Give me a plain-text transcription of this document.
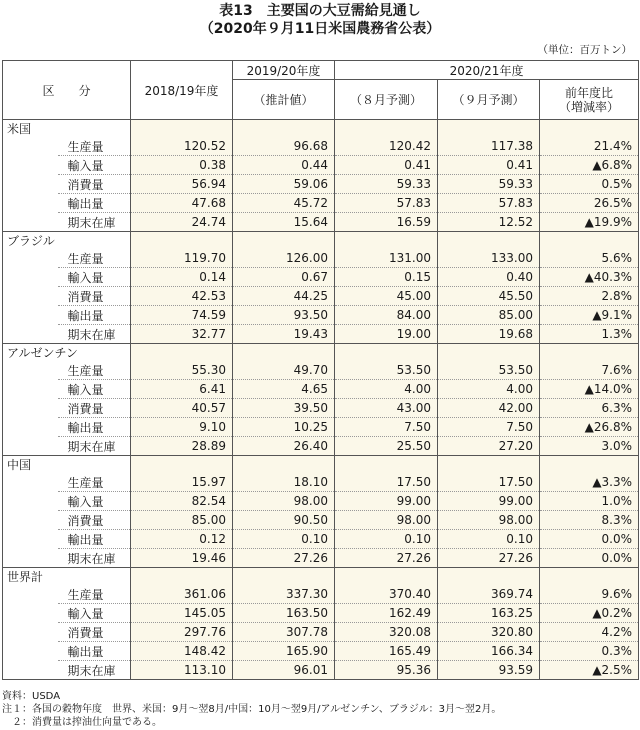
表13　主要国の大豆需給見通し
（2020年９月11日米国農務省公表）
（単位：百万トン）
区　　分		2018/19年度	2019/20年度	2020/21年度		
			（推計値）	（８月予測）	（９月予測）	前年度比
（増減率）
米国						
	生産量	120.52	96.68	120.42	117.38	21.4%
	輸入量	0.38	0.44	0.41	0.41	▲6.8%
	消費量	56.94	59.06	59.33	59.33	0.5%
	輸出量	47.68	45.72	57.83	57.83	26.5%
	期末在庫	24.74	15.64	16.59	12.52	▲19.9%
ブラジル						
	生産量	119.70	126.00	131.00	133.00	5.6%
	輸入量	0.14	0.67	0.15	0.40	▲40.3%
	消費量	42.53	44.25	45.00	45.50	2.8%
	輸出量	74.59	93.50	84.00	85.00	▲9.1%
	期末在庫	32.77	19.43	19.00	19.68	1.3%
アルゼンチン						
	生産量	55.30	49.70	53.50	53.50	7.6%
	輸入量	6.41	4.65	4.00	4.00	▲14.0%
	消費量	40.57	39.50	43.00	42.00	6.3%
	輸出量	9.10	10.25	7.50	7.50	▲26.8%
	期末在庫	28.89	26.40	25.50	27.20	3.0%
中国						
	生産量	15.97	18.10	17.50	17.50	▲3.3%
	輸入量	82.54	98.00	99.00	99.00	1.0%
	消費量	85.00	90.50	98.00	98.00	8.3%
	輸出量	0.12	0.10	0.10	0.10	0.0%
	期末在庫	19.46	27.26	27.26	27.26	0.0%
世界計						
	生産量	361.06	337.30	370.40	369.74	9.6%
	輸入量	145.05	163.50	162.49	163.25	▲0.2%
	消費量	297.76	307.78	320.08	320.80	4.2%
	輸出量	148.42	165.90	165.49	166.34	0.3%
	期末在庫	113.10	96.01	95.36	93.59	▲2.5%
資料：USDA
注１：各国の穀物年度　世界、米国：9月～翌8月/中国：10月～翌9月/アルゼンチン、ブラジル：3月～翌2月。
　２：消費量は搾油仕向量である。
